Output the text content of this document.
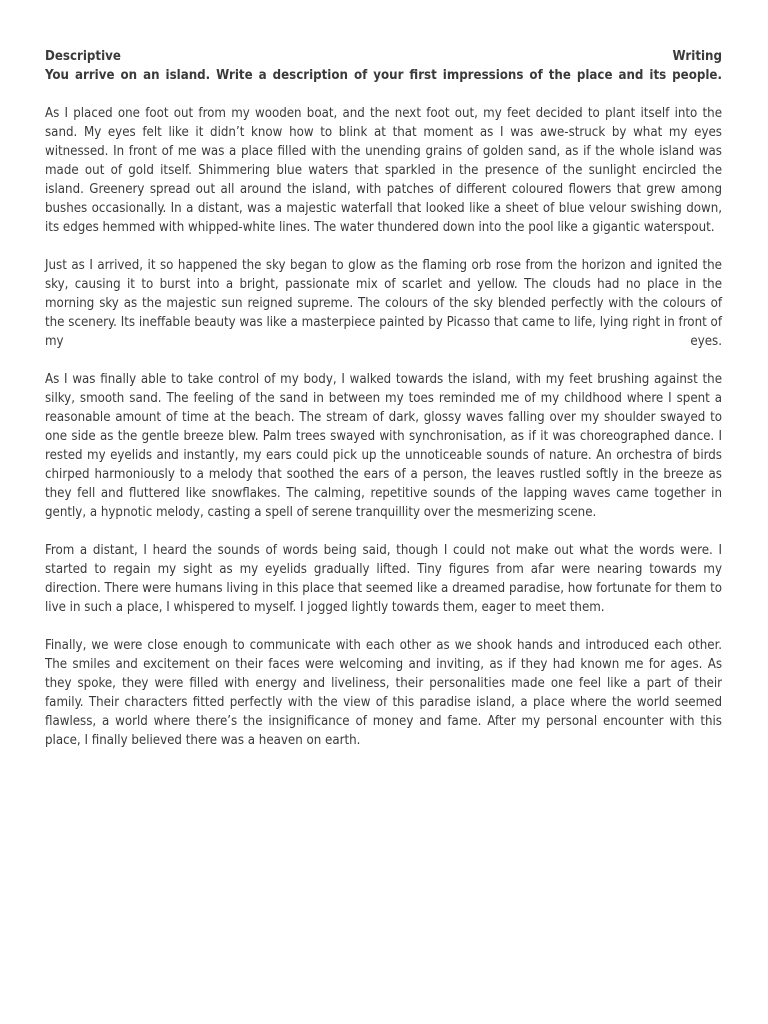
Descriptive	Writing
You arrive on an island. Write a description of your first impressions of the place and its people.

As I placed one foot out from my wooden boat, and the next foot out, my feet decided to plant itself into the sand. My eyes felt like it didn’t know how to blink at that moment as I was awe-struck by what my eyes witnessed. In front of me was a place filled with the unending grains of golden sand, as if the whole island was made out of gold itself. Shimmering blue waters that sparkled in the presence of the sunlight encircled the island. Greenery spread out all around the island, with patches of different coloured flowers that grew among bushes occasionally. In a distant, was a majestic waterfall that looked like a sheet of blue velour swishing down, its edges hemmed with whipped-white lines. The water thundered down into the pool like a gigantic waterspout.

Just as I arrived, it so happened the sky began to glow as the flaming orb rose from the horizon and ignited the sky, causing it to burst into a bright, passionate mix of scarlet and yellow. The clouds had no place in the morning sky as the majestic sun reigned supreme. The colours of the sky blended perfectly with the colours of the scenery. Its ineffable beauty was like a masterpiece painted by Picasso that came to life, lying right in front of my eyes.

As I was finally able to take control of my body, I walked towards the island, with my feet brushing against the silky, smooth sand. The feeling of the sand in between my toes reminded me of my childhood where I spent a reasonable amount of time at the beach. The stream of dark, glossy waves falling over my shoulder swayed to one side as the gentle breeze blew. Palm trees swayed with synchronisation, as if it was choreographed dance. I rested my eyelids and instantly, my ears could pick up the unnoticeable sounds of nature. An orchestra of birds chirped harmoniously to a melody that soothed the ears of a person, the leaves rustled softly in the breeze as they fell and fluttered like snowflakes. The calming, repetitive sounds of the lapping waves came together in gently, a hypnotic melody, casting a spell of serene tranquillity over the mesmerizing scene.

From a distant, I heard the sounds of words being said, though I could not make out what the words were. I started to regain my sight as my eyelids gradually lifted. Tiny figures from afar were nearing towards my direction. There were humans living in this place that seemed like a dreamed paradise, how fortunate for them to live in such a place, I whispered to myself. I jogged lightly towards them, eager to meet them.

Finally, we were close enough to communicate with each other as we shook hands and introduced each other. The smiles and excitement on their faces were welcoming and inviting, as if they had known me for ages. As they spoke, they were filled with energy and liveliness, their personalities made one feel like a part of their family. Their characters fitted perfectly with the view of this paradise island, a place where the world seemed flawless, a world where there’s the insignificance of money and fame. After my personal encounter with this place, I finally believed there was a heaven on earth.
